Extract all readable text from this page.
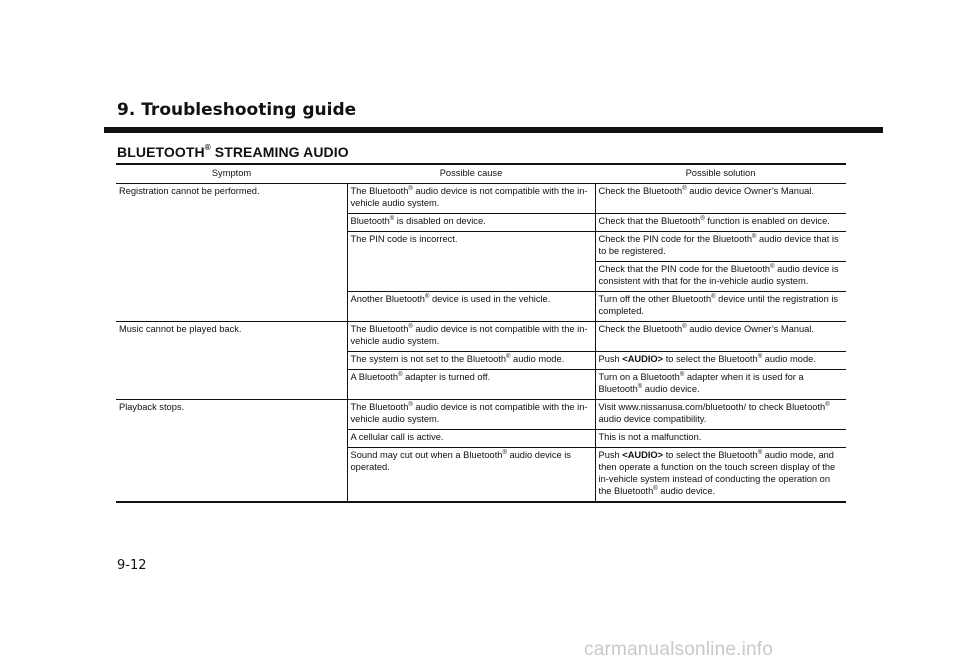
9. Troubleshooting guide
BLUETOOTH® STREAMING AUDIO
Symptom	Possible cause	Possible solution
Registration cannot be performed.	The Bluetooth® audio device is not compatible with the in-vehicle audio system.	Check the Bluetooth® audio device Owner’s Manual.
	Bluetooth® is disabled on device.	Check that the Bluetooth® function is enabled on device.
	The PIN code is incorrect.	Check the PIN code for the Bluetooth® audio device that is to be registered.
		Check that the PIN code for the Bluetooth® audio device is consistent with that for the in-vehicle audio system.
	Another Bluetooth® device is used in the vehicle.	Turn off the other Bluetooth® device until the registration is completed.
Music cannot be played back.	The Bluetooth® audio device is not compatible with the in-vehicle audio system.	Check the Bluetooth® audio device Owner’s Manual.
	The system is not set to the Bluetooth® audio mode.	Push <AUDIO> to select the Bluetooth® audio mode.
	A Bluetooth® adapter is turned off.	Turn on a Bluetooth® adapter when it is used for a Bluetooth® audio device.
Playback stops.	The Bluetooth® audio device is not compatible with the in-vehicle audio system.	Visit www.nissanusa.com/bluetooth/ to check Bluetooth® audio device compatibility.
	A cellular call is active.	This is not a malfunction.
	Sound may cut out when a Bluetooth® audio device is operated.	Push <AUDIO> to select the Bluetooth® audio mode, and then operate a function on the touch screen display of the in-vehicle system instead of conducting the operation on the Bluetooth® audio device.

9-12

carmanualsonline.info
